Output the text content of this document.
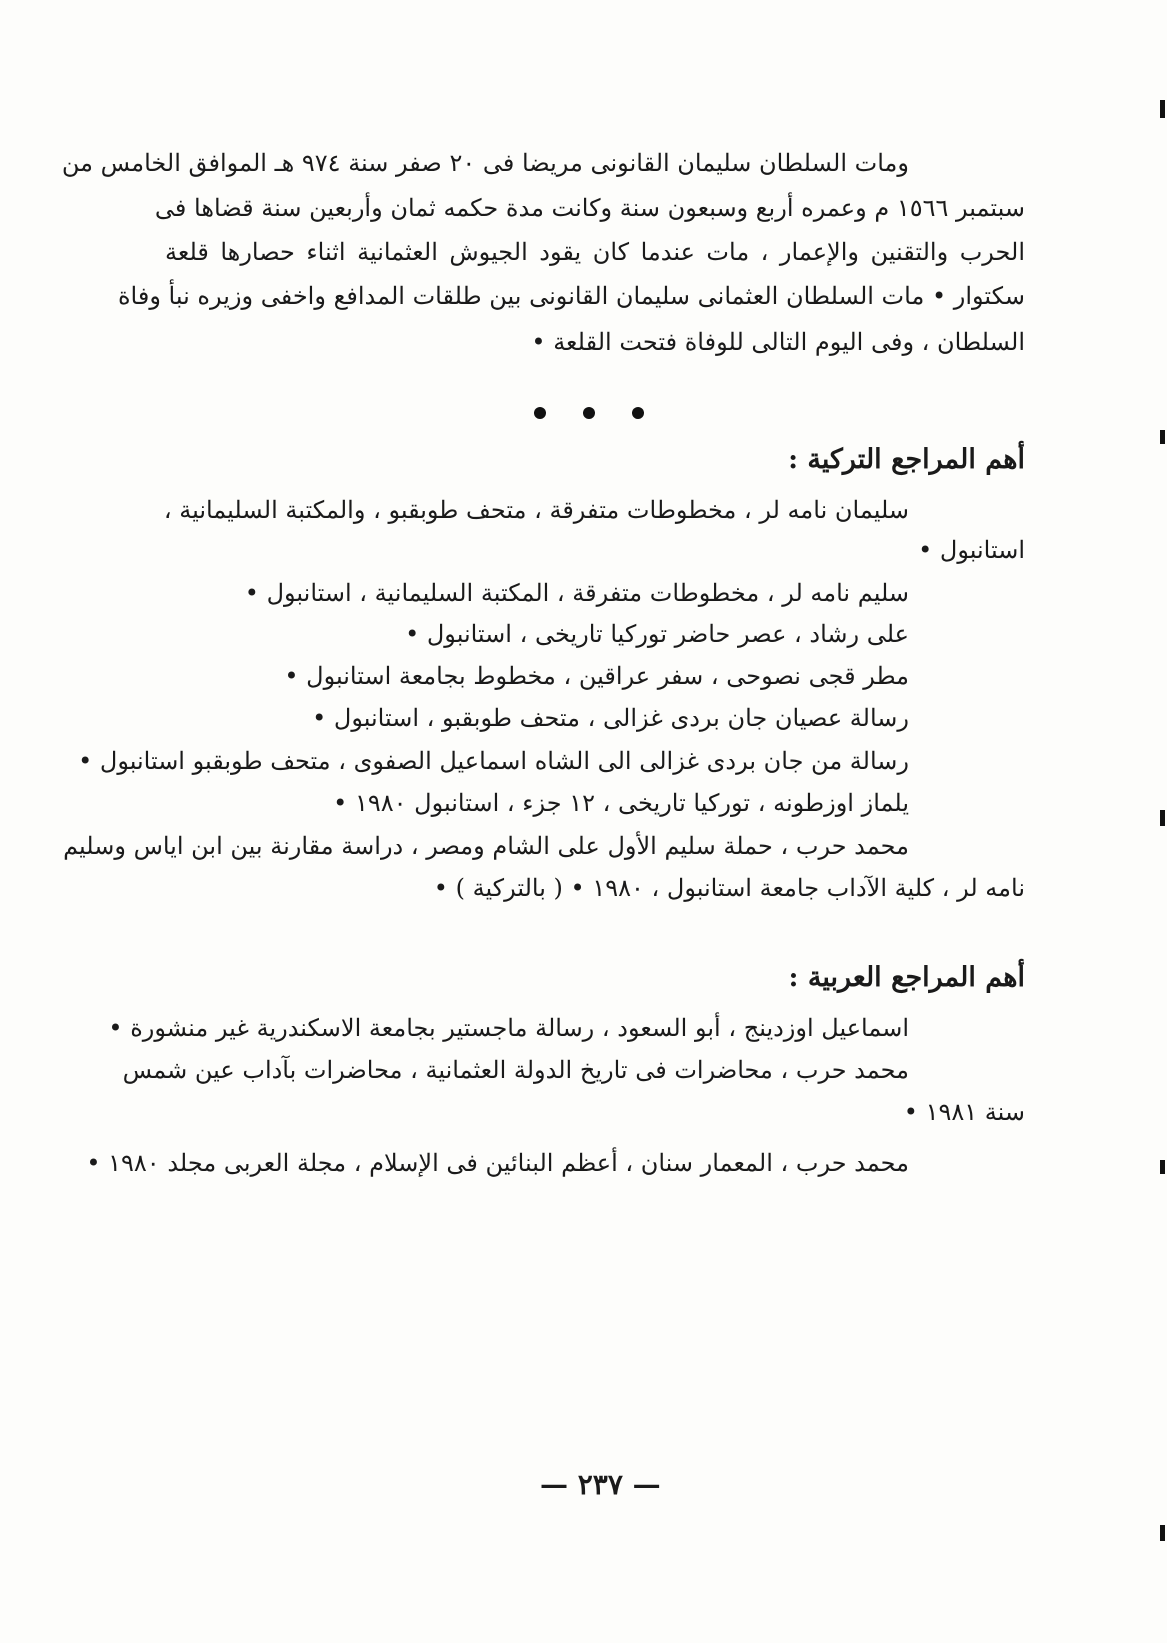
ومات السلطان سليمان القانونى مريضا فى ٢٠ صفر سنة ٩٧٤ هـ الموافق الخامس من
سبتمبر ١٥٦٦ م وعمره أربع وسبعون سنة وكانت مدة حكمه ثمان وأربعين سنة قضاها فى
الحرب والتقنين والإعمار ، مات عندما كان يقود الجيوش العثمانية اثناء حصارها قلعة
سكتوار • مات السلطان العثمانى سليمان القانونى بين طلقات المدافع واخفى وزيره نبأ وفاة
السلطان ، وفى اليوم التالى للوفاة فتحت القلعة •
أهم المراجع التركية :
سليمان نامه لر ، مخطوطات متفرقة ، متحف طوبقبو ، والمكتبة السليمانية ،
استانبول •
سليم نامه لر ، مخطوطات متفرقة ، المكتبة السليمانية ، استانبول •
على رشاد ، عصر حاضر توركيا تاريخى ، استانبول •
مطر قجى نصوحى ، سفر عراقين ، مخطوط بجامعة استانبول •
رسالة عصيان جان بردى غزالى ، متحف طوبقبو ، استانبول •
رسالة من جان بردى غزالى الى الشاه اسماعيل الصفوى ، متحف طوبقبو استانبول •
يلماز اوزطونه ، توركيا تاريخى ، ١٢ جزء ، استانبول ١٩٨٠ •
محمد حرب ، حملة سليم الأول على الشام ومصر ، دراسة مقارنة بين ابن اياس وسليم
نامه لر ، كلية الآداب جامعة استانبول ، ١٩٨٠ • ( بالتركية ) •
أهم المراجع العربية :
اسماعيل اوزدينج ، أبو السعود ، رسالة ماجستير بجامعة الاسكندرية غير منشورة •
محمد حرب ، محاضرات فى تاريخ الدولة العثمانية ، محاضرات بآداب عين شمس
سنة ١٩٨١ •
محمد حرب ، المعمار سنان ، أعظم البنائين فى الإسلام ، مجلة العربى مجلد ١٩٨٠ •
— ٢٣٧ —
